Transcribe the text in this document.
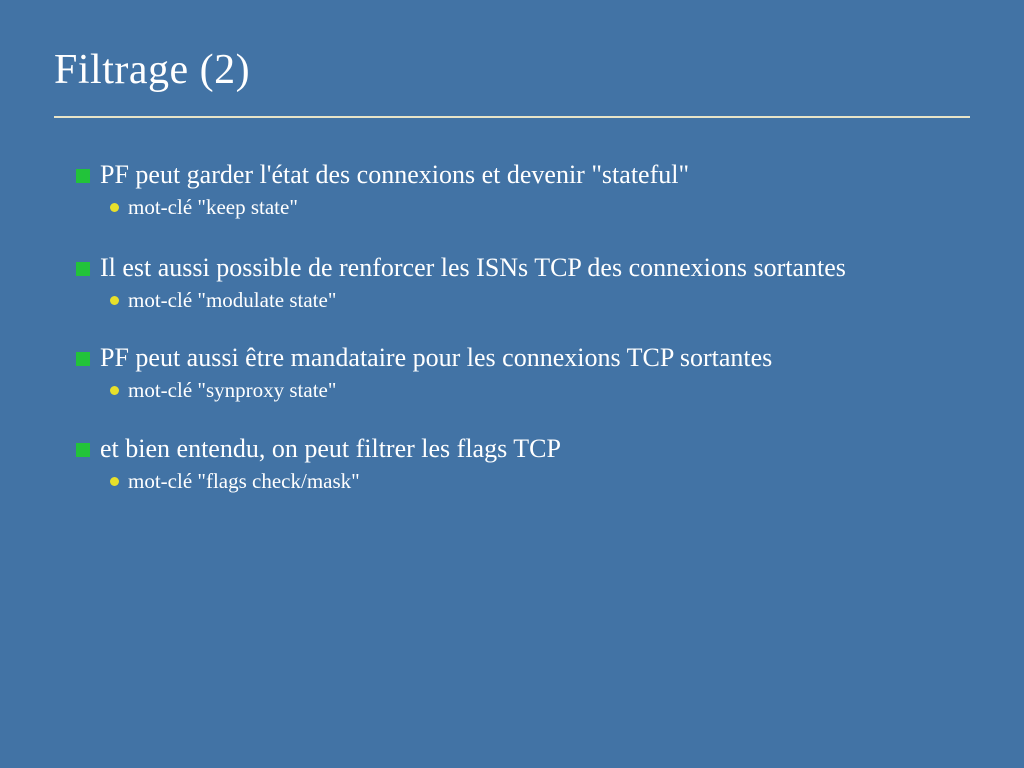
Filtrage (2)
PF peut garder l'état des connexions et devenir "stateful"
mot-clé "keep state"
Il est aussi possible de renforcer les ISNs TCP des connexions sortantes
mot-clé "modulate state"
PF peut aussi être mandataire pour les connexions TCP sortantes
mot-clé "synproxy state"
et bien entendu, on peut filtrer les flags TCP
mot-clé "flags check/mask"
